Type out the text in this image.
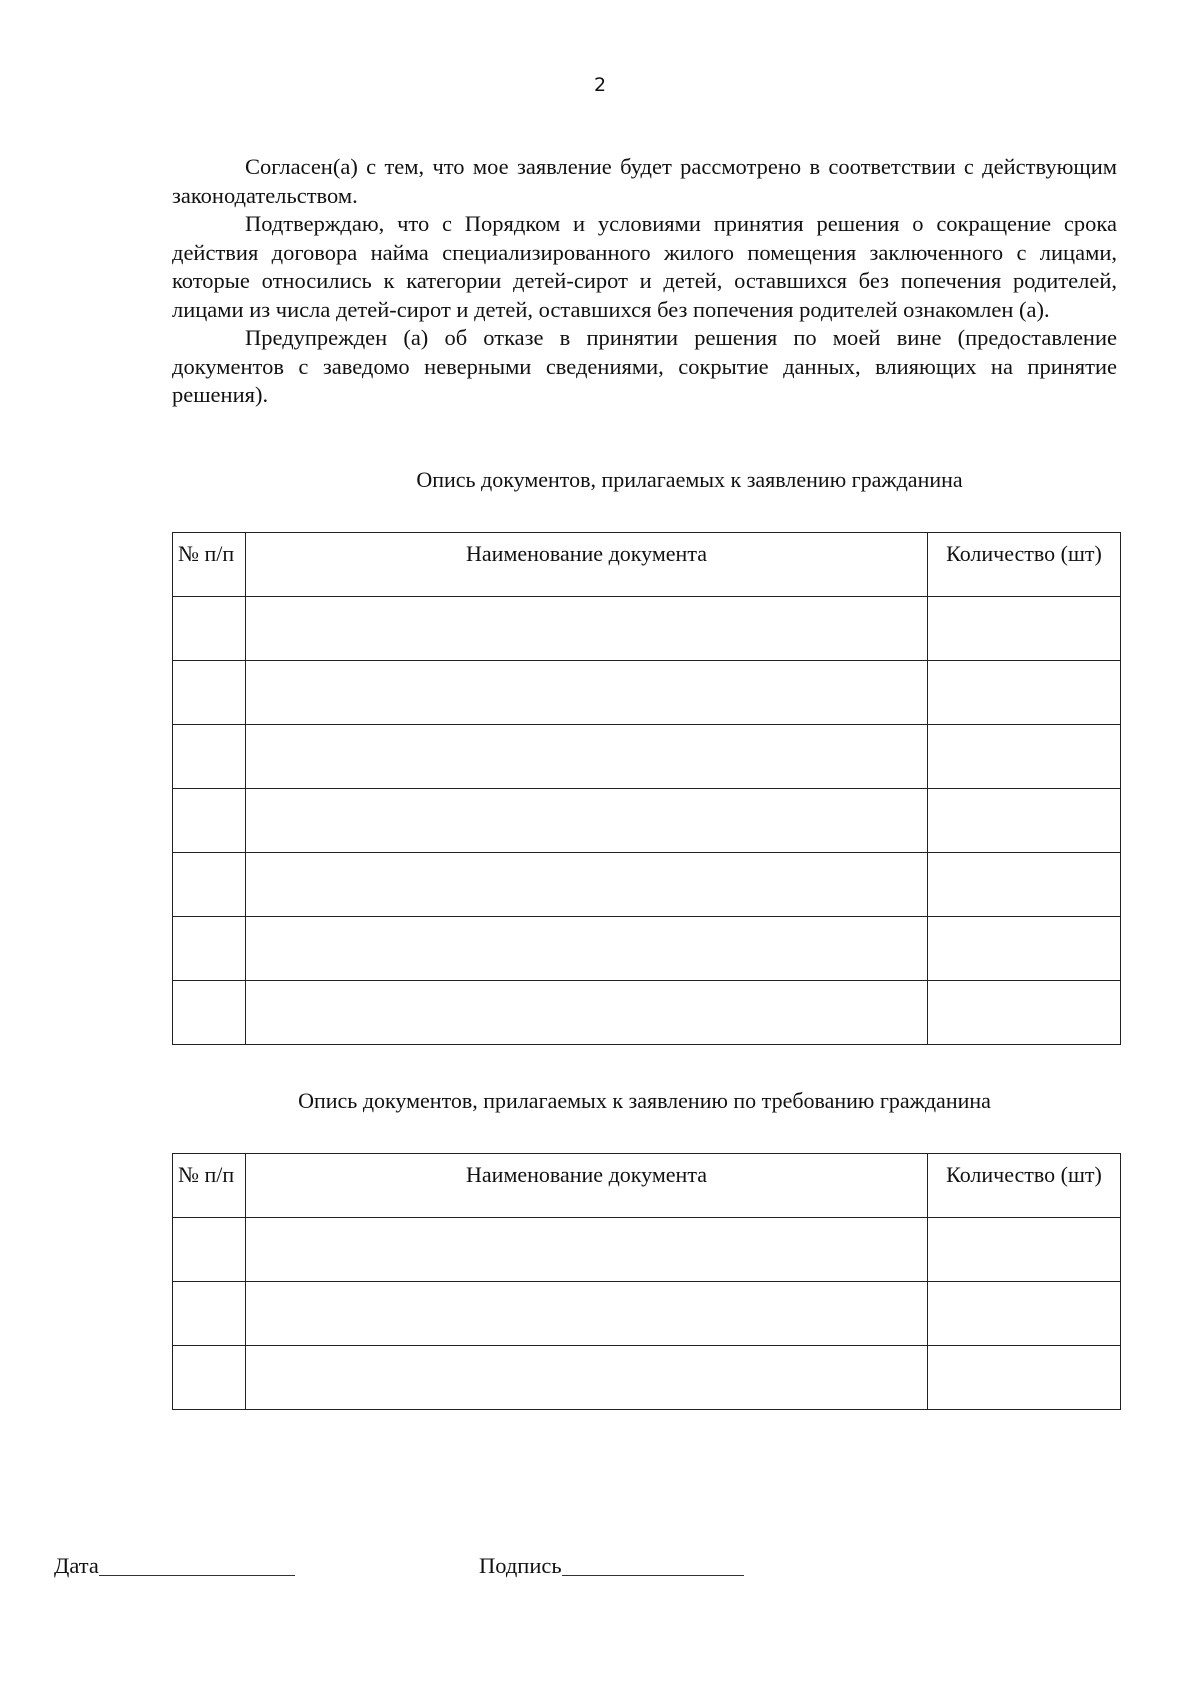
2

Согласен(а) с тем, что мое заявление будет рассмотрено в соответствии с действующим законодательством.

Подтверждаю, что с Порядком и условиями принятия решения о сокращение срока действия договора найма специализированного жилого помещения заключенного с лицами, которые относились к категории детей-сирот и детей, оставшихся без попечения родителей, лицами из числа детей-сирот и детей, оставшихся без попечения родителей ознакомлен (а).

Предупрежден (а) об отказе в принятии решения по моей вине (предоставление документов с заведомо неверными сведениями, сокрытие данных, влияющих на принятие решения).

Опись документов, прилагаемых к заявлению гражданина
№ п/п	Наименование документа	Количество (шт)

Опись документов, прилагаемых к заявлению по требованию гражданина
№ п/п	Наименование документа	Количество (шт)

Дата	Подпись
